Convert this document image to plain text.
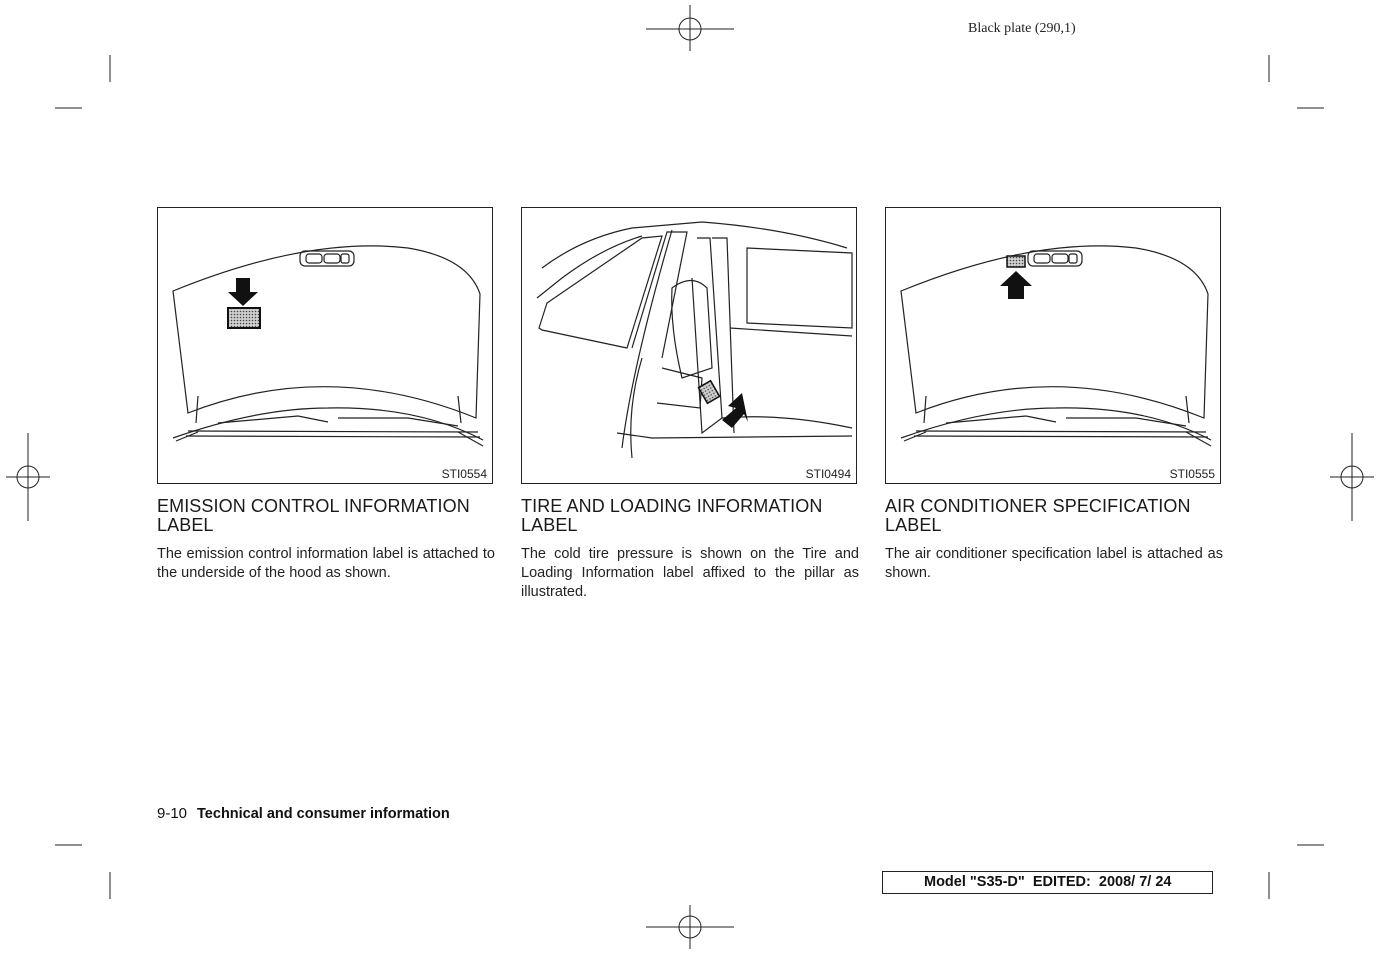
Black plate (290,1)
STI0554	STI0494	STI0555
EMISSION CONTROL INFORMATION LABEL
TIRE AND LOADING INFORMATION LABEL
AIR CONDITIONER SPECIFICATION LABEL
The emission control information label is attached to the underside of the hood as shown.
The cold tire pressure is shown on the Tire and Loading Information label affixed to the pillar as illustrated.
The air conditioner specification label is attached as shown.
9-10 Technical and consumer information
Model "S35-D"  EDITED:  2008/ 7/ 24
